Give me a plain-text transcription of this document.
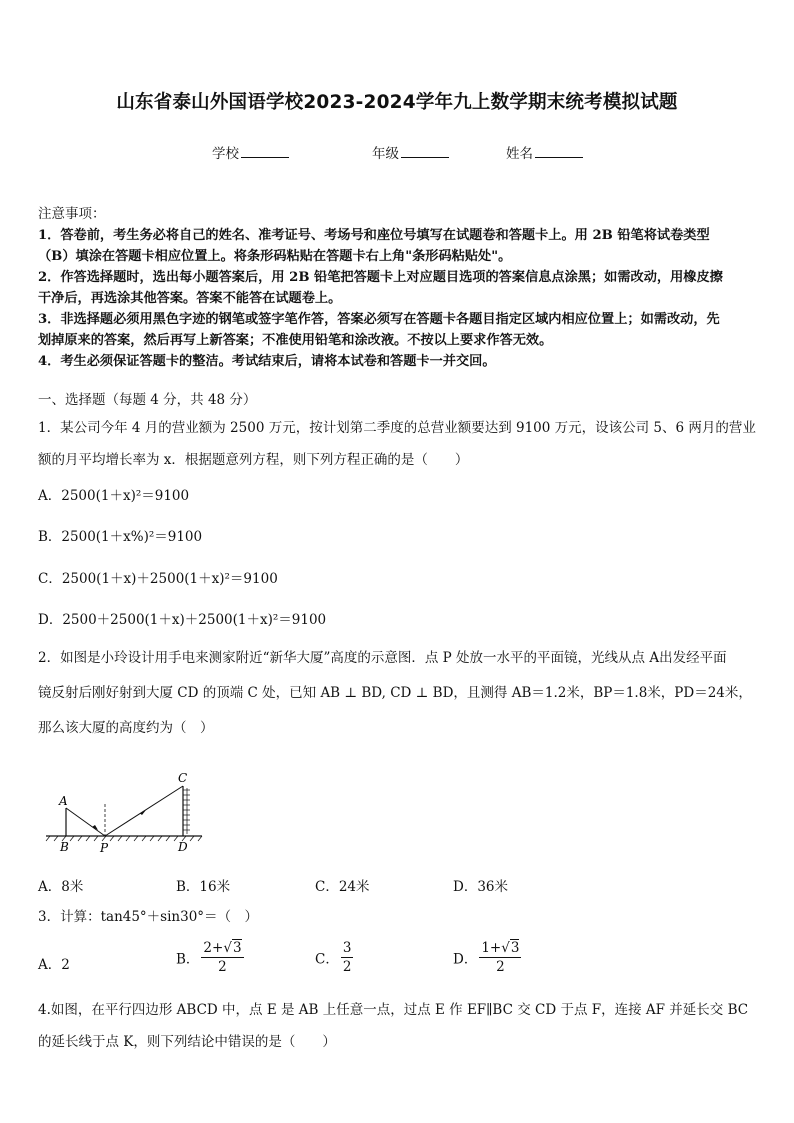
山东省泰山外国语学校2023-2024学年九上数学期末统考模拟试题
学校	年级	姓名
注意事项：
1．答卷前，考生务必将自己的姓名、准考证号、考场号和座位号填写在试题卷和答题卡上。用 2B 铅笔将试卷类型
（B）填涂在答题卡相应位置上。将条形码粘贴在答题卡右上角"条形码粘贴处"。
2．作答选择题时，选出每小题答案后，用 2B 铅笔把答题卡上对应题目选项的答案信息点涂黑；如需改动，用橡皮擦
干净后，再选涂其他答案。答案不能答在试题卷上。
3．非选择题必须用黑色字迹的钢笔或签字笔作答，答案必须写在答题卡各题目指定区域内相应位置上；如需改动，先
划掉原来的答案，然后再写上新答案；不准使用铅笔和涂改液。不按以上要求作答无效。
4．考生必须保证答题卡的整洁。考试结束后，请将本试卷和答题卡一并交回。
一、选择题（每题 4 分，共 48 分）
1．某公司今年 4 月的营业额为 2500 万元，按计划第二季度的总营业额要达到 9100 万元，设该公司 5、6 两月的营业
额的月平均增长率为 x．根据题意列方程，则下列方程正确的是（　　）
A．2500(1＋x)²＝9100
B．2500(1＋x%)²＝9100
C．2500(1＋x)＋2500(1＋x)²＝9100
D．2500＋2500(1＋x)＋2500(1＋x)²＝9100
2．如图是小玲设计用手电来测家附近“新华大厦”高度的示意图．点 P 处放一水平的平面镜，光线从点 A出发经平面
镜反射后刚好射到大厦 CD 的顶端 C 处，已知 AB ⊥ BD, CD ⊥ BD，且测得 AB＝1.2米，BP＝1.8米，PD＝24米，
那么该大厦的高度约为（　）
A
B	P
C
D
A．8米	B．16米	C．24米	D．36米
3．计算：tan45°＋sin30°＝（　）
A．2	B． $\frac{2+√3}{2}$	C． $\frac{3}{2}$	D． $\frac{1+√3}{2}$
4.如图，在平行四边形 ABCD 中，点 E 是 AB 上任意一点，过点 E 作 EF∥BC 交 CD 于点 F，连接 AF 并延长交 BC
的延长线于点 K，则下列结论中错误的是（　　）
